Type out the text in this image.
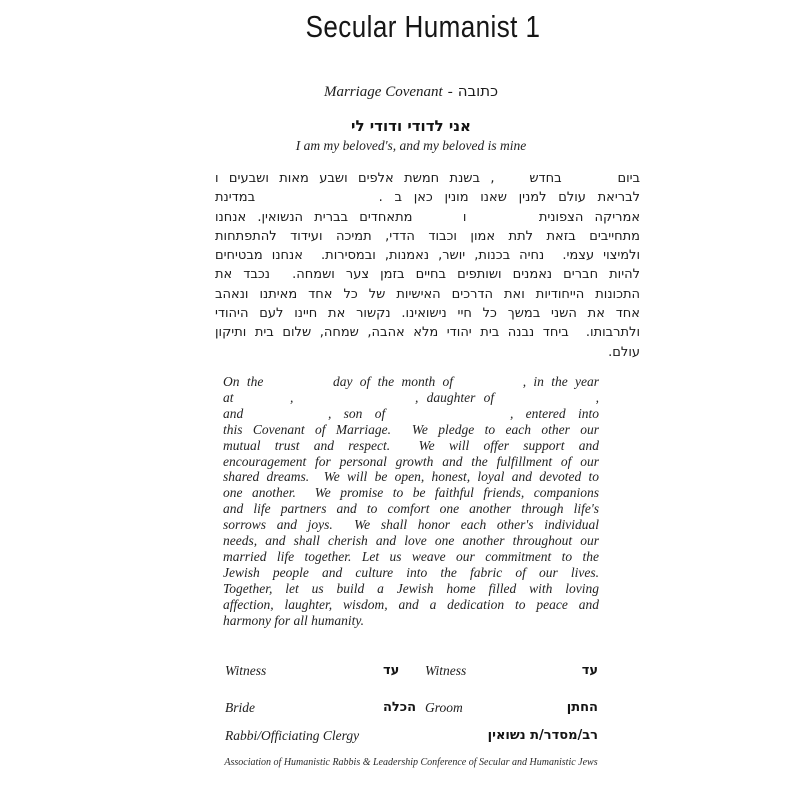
Secular Humanist 1
Marriage Covenant - כתובה
אני לדודי ודודי לי
I am my beloved's, and my beloved is mine
ביום  בחדש  , בשנת חמשת אלפים ושבע מאות ושבעים ו
לבריאת עולם למנין שאנו מונין כאן ב .  במדינת
אמריקה הצפונית  ו  מתאחדים בברית הנשואין. אנחנו
מתחייבים בזאת לתת אמון וכבוד הדדי, תמיכה ועידוד להתפתחות
ולמיצוי עצמי.  נחיה בכנות, יושר, נאמנות, ובמסירות.  אנחנו מבטיחים
להיות חברים נאמנים ושותפים בחיים בזמן צער ושמחה.  נכבד את
התכונות הייחודיות ואת הדרכים האישיות של כל אחד מאיתנו ונאהב
אחד את השני במשך כל חיי נישואינו. נקשור את חיינו לעם היהודי
ולתרבותו.  ביחד נבנה בית יהודי מלא אהבה, שמחה, שלום בית ותיקון
עולם.
On the	day of the month of	, in the year
at	,	, daughter of	,
and	, son of	, entered into
this Covenant of Marriage.  We pledge to each other our
mutual trust and respect.  We will offer support and
encouragement for personal growth and the fulfillment of our
shared dreams.  We will be open, honest, loyal and devoted to
one another.  We promise to be faithful friends, companions
and life partners and to comfort one another through life's
sorrows and joys.  We shall honor each other's individual
needs, and shall cherish and love one another throughout our
married life together. Let us weave our commitment to the
Jewish people and culture into the fabric of our lives.
Together, let us build a Jewish home filled with loving
affection, laughter, wisdom, and a dedication to peace and
harmony for all humanity.
Witness	עד Witness	עד
Bride	הכלה Groom	החתן
Rabbi/Officiating Clergy	רב/מסדר/ת נשואין
Association of Humanistic Rabbis & Leadership Conference of Secular and Humanistic Jews
